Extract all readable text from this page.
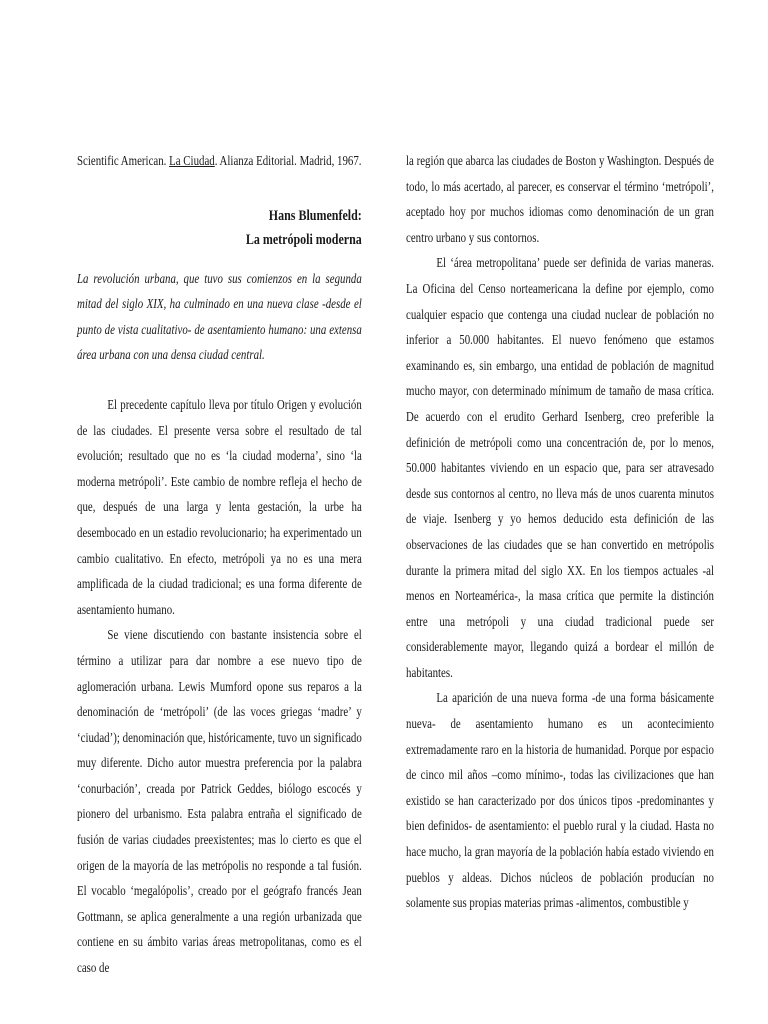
Scientific American. La Ciudad. Alianza Editorial. Madrid, 1967.

Hans Blumenfeld:
La metrópoli moderna

La revolución urbana, que tuvo sus comienzos en la segunda mitad del siglo XIX, ha culminado en una nueva clase -desde el punto de vista cualitativo- de asentamiento humano: una extensa área urbana con una densa ciudad central.

El precedente capítulo lleva por título Origen y evolución de las ciudades. El presente versa sobre el resultado de tal evolución; resultado que no es ‘la ciudad moderna’, sino ‘la moderna metrópoli’. Este cambio de nombre refleja el hecho de que, después de una larga y lenta gestación, la urbe ha desembocado en un estadio revolucionario; ha experimentado un cambio cualitativo. En efecto, metrópoli ya no es una mera amplificada de la ciudad tradicional; es una forma diferente de asentamiento humano.

Se viene discutiendo con bastante insistencia sobre el término a utilizar para dar nombre a ese nuevo tipo de aglomeración urbana. Lewis Mumford opone sus reparos a la denominación de ‘metrópoli’ (de las voces griegas ‘madre’ y ‘ciudad’); denominación que, históricamente, tuvo un significado muy diferente. Dicho autor muestra preferencia por la palabra ‘conurbación’, creada por Patrick Geddes, biólogo escocés y pionero del urbanismo. Esta palabra entraña el significado de fusión de varias ciudades preexistentes; mas lo cierto es que el origen de la mayoría de las metrópolis no responde a tal fusión. El vocablo ‘megalópolis’, creado por el geógrafo francés Jean Gottmann, se aplica generalmente a una región urbanizada que contiene en su ámbito varias áreas metropolitanas, como es el caso de

la región que abarca las ciudades de Boston y Washington. Después de todo, lo más acertado, al parecer, es conservar el término ‘metrópoli’, aceptado hoy por muchos idiomas como denominación de un gran centro urbano y sus contornos.

El ‘área metropolitana’ puede ser definida de varias maneras. La Oficina del Censo norteamericana la define por ejemplo, como cualquier espacio que contenga una ciudad nuclear de población no inferior a 50.000 habitantes. El nuevo fenómeno que estamos examinando es, sin embargo, una entidad de población de magnitud mucho mayor, con determinado mínimum de tamaño de masa crítica. De acuerdo con el erudito Gerhard Isenberg, creo preferible la definición de metrópoli como una concentración de, por lo menos, 50.000 habitantes viviendo en un espacio que, para ser atravesado desde sus contornos al centro, no lleva más de unos cuarenta minutos de viaje. Isenberg y yo hemos deducido esta definición de las observaciones de las ciudades que se han convertido en metrópolis durante la primera mitad del siglo XX. En los tiempos actuales -al menos en Norteamérica-, la masa crítica que permite la distinción entre una metrópoli y una ciudad tradicional puede ser considerablemente mayor, llegando quizá a bordear el millón de habitantes.

La aparición de una nueva forma -de una forma básicamente nueva- de asentamiento humano es un acontecimiento extremadamente raro en la historia de humanidad. Porque por espacio de cinco mil años –como mínimo-, todas las civilizaciones que han existido se han caracterizado por dos únicos tipos -predominantes y bien definidos- de asentamiento: el pueblo rural y la ciudad. Hasta no hace mucho, la gran mayoría de la población había estado viviendo en pueblos y aldeas. Dichos núcleos de población producían no solamente sus propias materias primas -alimentos, combustible y
